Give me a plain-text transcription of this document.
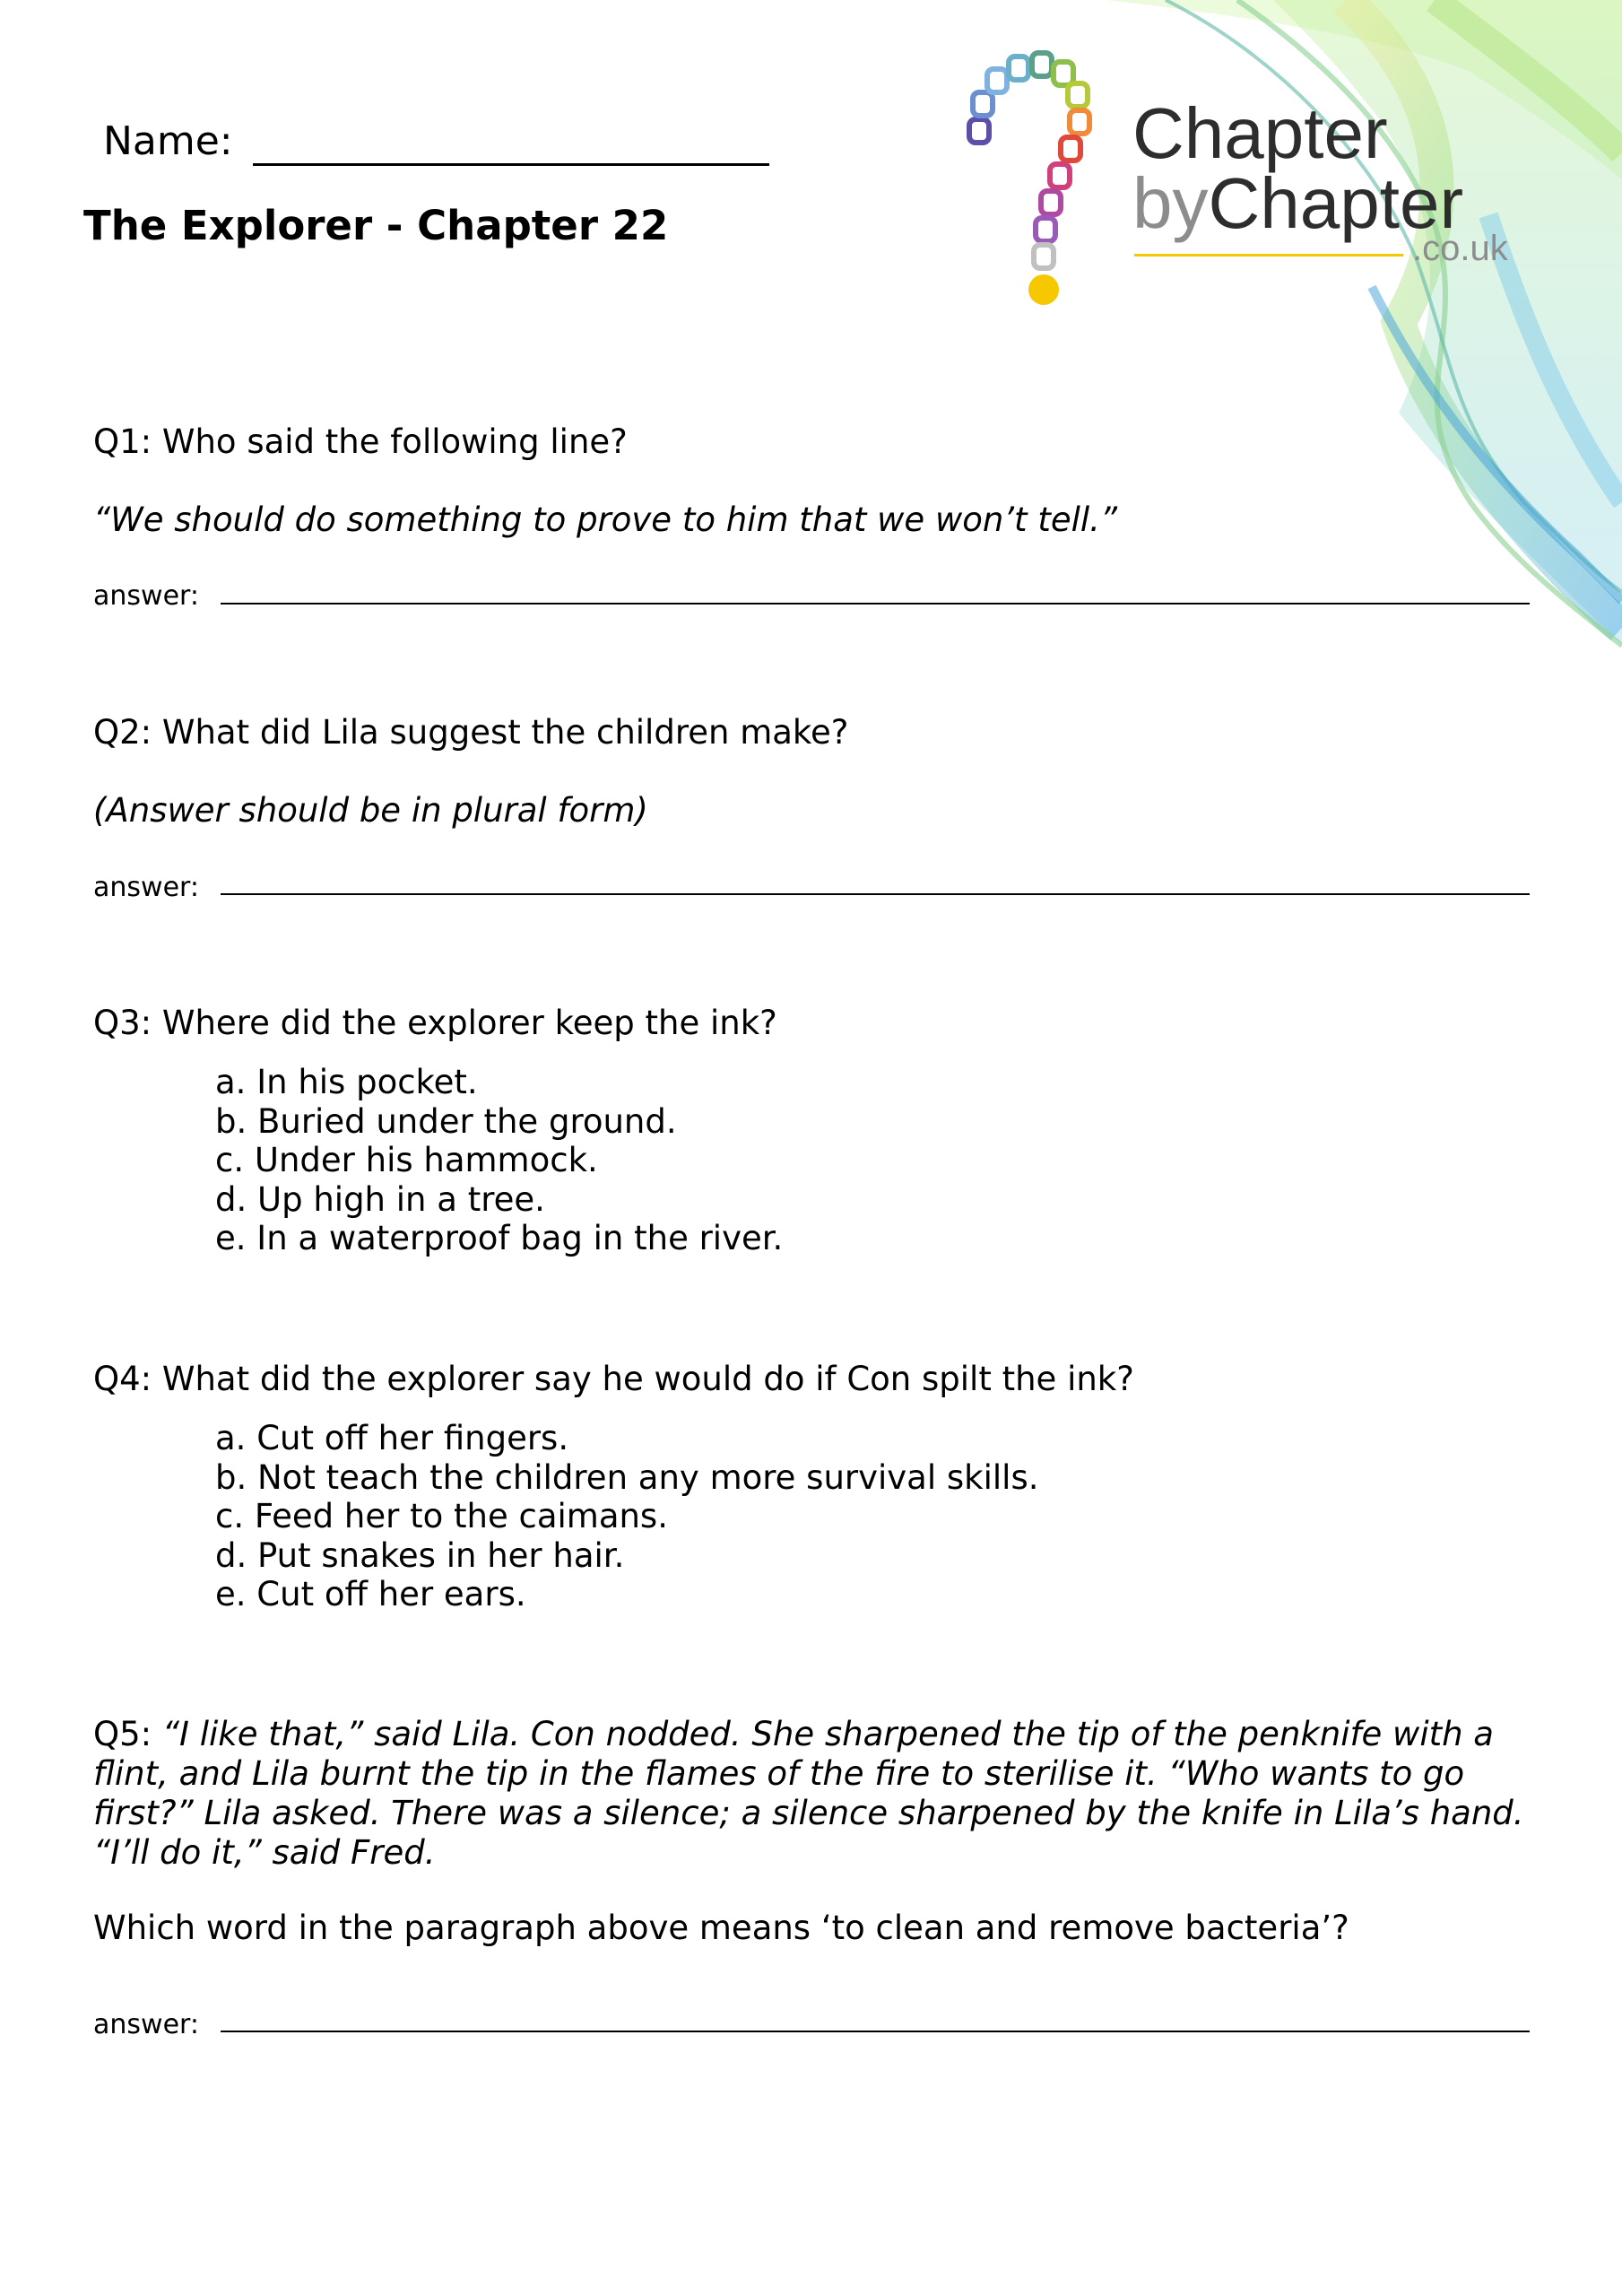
Name:
The Explorer - Chapter 22
Chapter
byChapter
.co.uk
Q1: Who said the following line?
“We should do something to prove to him that we won’t tell.”
answer:
Q2: What did Lila suggest the children make?
(Answer should be in plural form)
answer:
Q3: Where did the explorer keep the ink?
a. In his pocket.
b. Buried under the ground.
c. Under his hammock.
d. Up high in a tree.
e. In a waterproof bag in the river.
Q4: What did the explorer say he would do if Con spilt the ink?
a. Cut off her fingers.
b. Not teach the children any more survival skills.
c. Feed her to the caimans.
d. Put snakes in her hair.
e. Cut off her ears.
Q5: “I like that,” said Lila. Con nodded. She sharpened the tip of the penknife with a flint, and Lila burnt the tip in the flames of the fire to sterilise it. “Who wants to go first?” Lila asked. There was a silence; a silence sharpened by the knife in Lila’s hand. “I’ll do it,” said Fred.
Which word in the paragraph above means ‘to clean and remove bacteria’?
answer:
